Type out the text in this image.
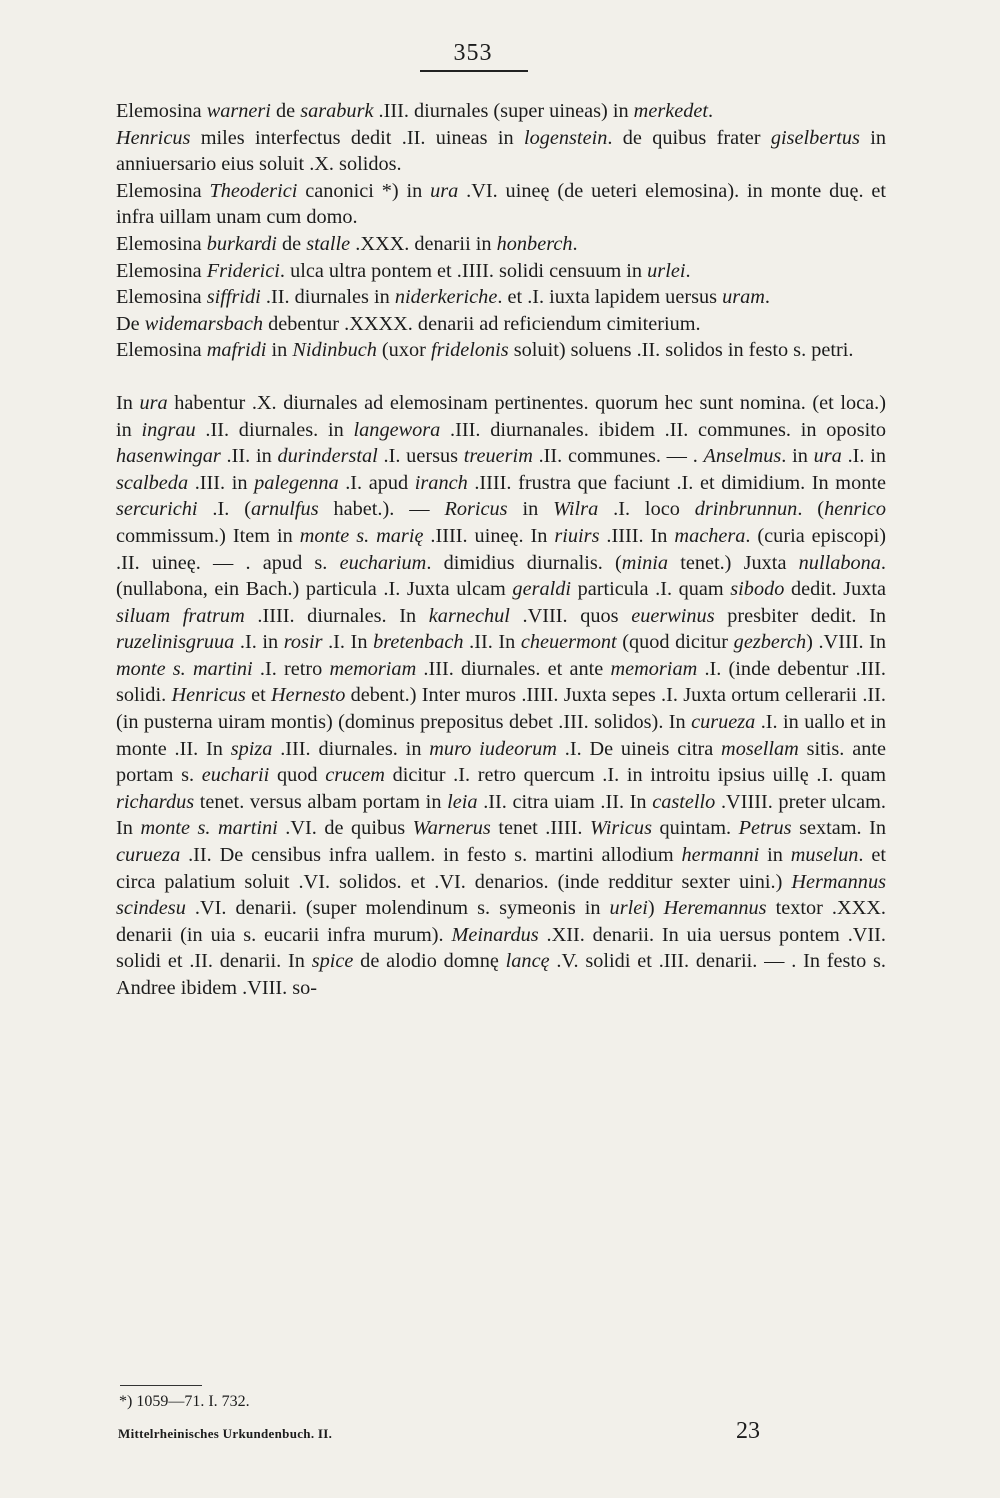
353

Elemosina warneri de saraburk .III. diurnales (super uineas) in merkedet.

Henricus miles interfectus dedit .II. uineas in logenstein. de quibus frater giselbertus in anniuersario eius soluit .X. solidos.

Elemosina Theoderici canonici *) in ura .VI. uineę (de ueteri elemosina). in monte duę. et infra uillam unam cum domo.

Elemosina burkardi de stalle .XXX. denarii in honberch.

Elemosina Friderici. ulca ultra pontem et .IIII. solidi censuum in urlei.

Elemosina siffridi .II. diurnales in niderkeriche. et .I. iuxta lapidem uersus uram.

De widemarsbach debentur .XXXX. denarii ad reficiendum cimiterium.

Elemosina mafridi in Nidinbuch (uxor fridelonis soluit) soluens .II. solidos in festo s. petri.

In ura habentur .X. diurnales ad elemosinam pertinentes. quorum hec sunt nomina. (et loca.) in ingrau .II. diurnales. in langewora .III. diurnanales. ibidem .II. communes. in oposito hasenwingar .II. in durinderstal .I. uersus treuerim .II. communes. — . Anselmus. in ura .I. in scalbeda .III. in palegenna .I. apud iranch .IIII. frustra que faciunt .I. et dimidium. In monte sercurichi .I. (arnulfus habet.). — Roricus in Wilra .I. loco drinbrunnun. (henrico commissum.) Item in monte s. marię .IIII. uineę. In riuirs .IIII. In machera. (curia episcopi) .II. uineę. — . apud s. eucharium. dimidius diurnalis. (minia tenet.) Juxta nullabona. (nullabona, ein Bach.) particula .I. Juxta ulcam geraldi particula .I. quam sibodo dedit. Juxta siluam fratrum .IIII. diurnales. In karnechul .VIII. quos euerwinus presbiter dedit. In ruzelinisgruua .I. in rosir .I. In bretenbach .II. In cheuermont (quod dicitur gezberch) .VIII. In monte s. martini .I. retro memoriam .III. diurnales. et ante memoriam .I. (inde debentur .III. solidi. Henricus et Hernesto debent.) Inter muros .IIII. Juxta sepes .I. Juxta ortum cellerarii .II. (in pusterna uiram montis) (dominus prepositus debet .III. solidos). In curueza .I. in uallo et in monte .II. In spiza .III. diurnales. in muro iudeorum .I. De uineis citra mosellam sitis. ante portam s. eucharii quod crucem dicitur .I. retro quercum .I. in introitu ipsius uillę .I. quam richardus tenet. versus albam portam in leia .II. citra uiam .II. In castello .VIIII. preter ulcam. In monte s. martini .VI. de quibus Warnerus tenet .IIII. Wiricus quintam. Petrus sextam. In curueza .II. De censibus infra uallem. in festo s. martini allodium hermanni in muselun. et circa palatium soluit .VI. solidos. et .VI. denarios. (inde redditur sexter uini.) Hermannus scindesu .VI. denarii. (super molendinum s. symeonis in urlei) Heremannus textor .XXX. denarii (in uia s. eucarii infra murum). Meinardus .XII. denarii. In uia uersus pontem .VII. solidi et .II. denarii. In spice de alodio domnę lancę .V. solidi et .III. denarii. — . In festo s. Andree ibidem .VIII. so-

*) 1059—71. I. 732.
Mittelrheinisches Urkundenbuch. II.	23
